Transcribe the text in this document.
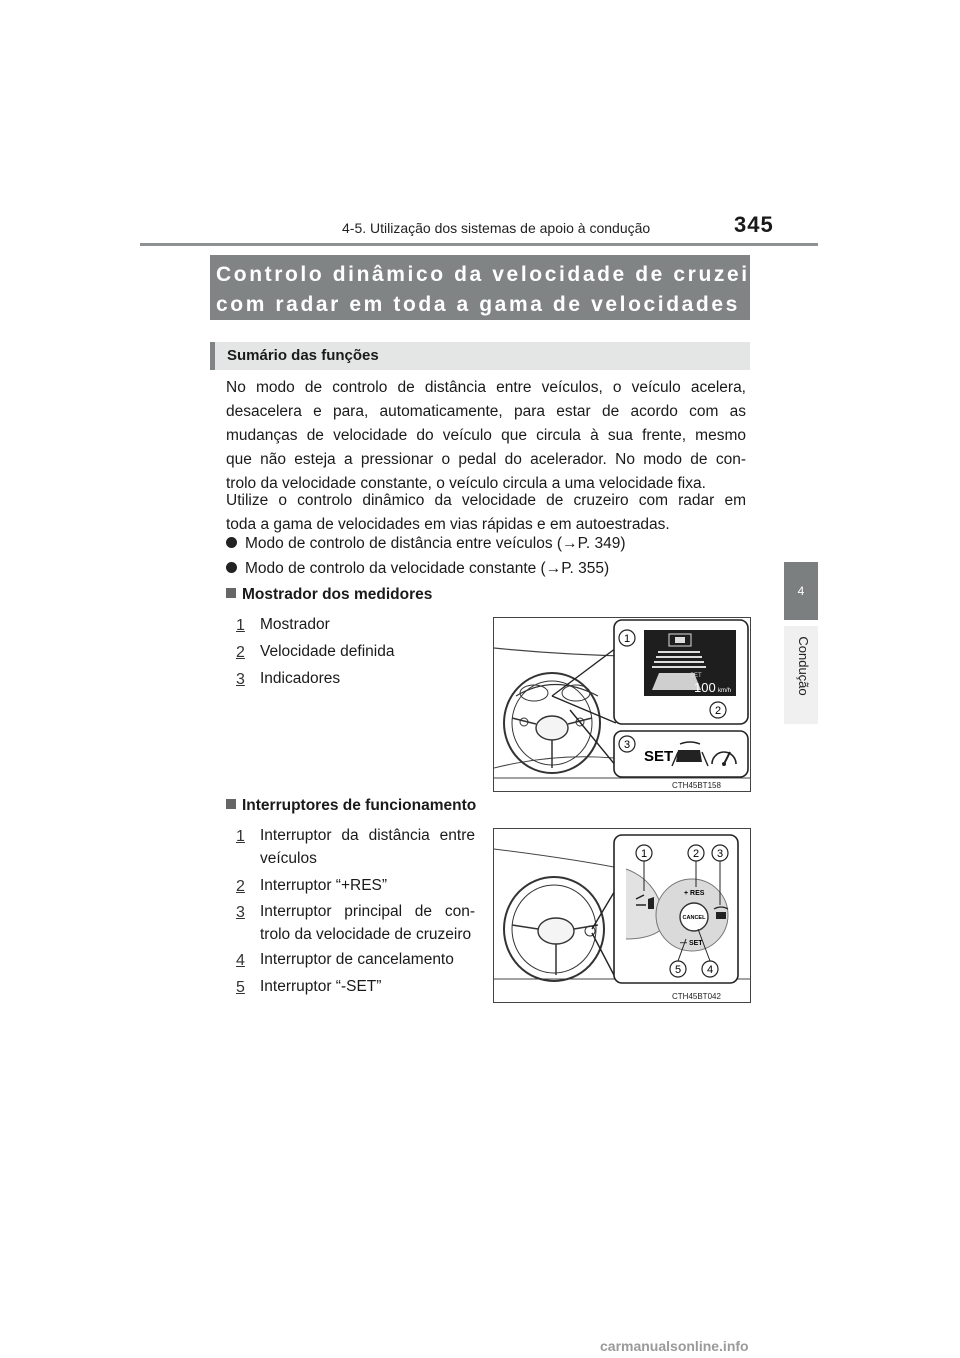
4-5. Utilização dos sistemas de apoio à condução	345
4
Condução
Controlo dinâmico da velocidade de cruzeiro
com radar em toda a gama de velocidades
Sumário das funções
No modo de controlo de distância entre veículos, o veículo acelera,
desacelera e para, automaticamente, para estar de acordo com as
mudanças de velocidade do veículo que circula à sua frente, mesmo
que não esteja a pressionar o pedal do acelerador. No modo de con-
trolo da velocidade constante, o veículo circula a uma velocidade fixa.
Utilize o controlo dinâmico da velocidade de cruzeiro com radar em
toda a gama de velocidades em vias rápidas e em autoestradas.
Modo de controlo de distância entre veículos (→P. 349)
Modo de controlo da velocidade constante (→P. 355)
Mostrador dos medidores
1 Mostrador
2 Velocidade definida
3 Indicadores	SET
100 km/h
1
2
3
SET
CTH45BT158
Interruptores de funcionamento
1 Interruptor da distância entre
veículos
2 Interruptor “+RES”
3 Interruptor principal de con-
trolo da velocidade de cruzeiro
4 Interruptor de cancelamento
5 Interruptor “-SET”
CANCEL
+ RES
— SET
1	2 3
4
5
CTH45BT042
carmanualsonline.info
